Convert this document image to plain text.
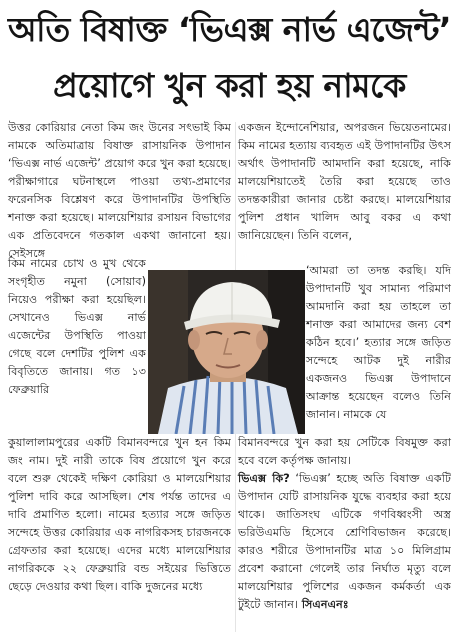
অতি বিষাক্ত ‘ভিএক্স নার্ভ এজেন্ট’
প্রয়োগে খুন করা হয় নামকে

উত্তর কোরিয়ার নেতা কিম জং উনের সৎভাই কিম নামকে অতিমাত্রায় বিষাক্ত রাসায়নিক উপাদান ‘ভিএক্স নার্ভ এজেন্ট’ প্রয়োগ করে খুন করা হয়েছে। পরীক্ষাগারে ঘটনাস্থলে পাওয়া তথ্য-প্রমাণের ফরেনসিক বিশ্লেষণ করে উপাদানটির উপস্থিতি শনাক্ত করা হয়েছে। মালয়েশিয়ার রসায়ন বিভাগের এক প্রতিবেদনে গতকাল একথা জানানো হয়। সেইসঙ্গে

কিম নামের চোখ ও মুখ থেকে সংগৃহীত নমুনা (সোয়াব) নিয়েও পরীক্ষা করা হয়েছিল। সেখানেও ভিএক্স নার্ভ এজেন্টের উপস্থিতি পাওয়া গেছে বলে দেশটির পুলিশ এক বিবৃতিতে জানায়। গত ১৩ ফেব্রুয়ারি

‘আমরা তা তদন্ত করছি। যদি উপাদানটি খুব সামান্য পরিমাণ আমদানি করা হয় তাহলে তা শনাক্ত করা আমাদের জন্য বেশ কঠিন হবে।’ হত্যার সঙ্গে জড়িত সন্দেহে আটক দুই নারীর একজনও ভিএক্স উপাদানে আক্রান্ত হয়েছেন বলেও তিনি জানান। নামকে যে

একজন ইন্দোনেশিয়ার, অপরজন ভিয়েতনামের। কিম নামের হত্যায় ব্যবহৃত এই উপাদানটির উৎস অর্থাৎ উপাদানটি আমদানি করা হয়েছে, নাকি মালয়েশিয়াতেই তৈরি করা হয়েছে তাও তদন্তকারীরা জানার চেষ্টা করছে। মালয়েশিয়ার পুলিশ প্রধান খালিদ আবু বকর এ কথা জানিয়েছেন। তিনি বলেন,

কুয়ালালামপুরের একটি বিমানবন্দরে খুন হন কিম জং নাম। দুই নারী তাকে বিষ প্রয়োগে খুন করে বলে শুরু থেকেই দক্ষিণ কোরিয়া ও মালয়েশিয়ার পুলিশ দাবি করে আসছিল। শেষ পর্যন্ত তাদের এ দাবি প্রমাণিত হলো। নামের হত্যার সঙ্গে জড়িত সন্দেহে উত্তর কোরিয়ার এক নাগরিকসহ চারজনকে গ্রেফতার করা হয়েছে। এদের মধ্যে মালয়েশিয়ার নাগরিককে ২২ ফেব্রুয়ারি বন্ড সইয়ের ভিত্তিতে ছেড়ে দেওয়ার কথা ছিল। বাকি দুজনের মধ্যে

বিমানবন্দরে খুন করা হয় সেটিকে বিষমুক্ত করা হবে বলে কর্তৃপক্ষ জানায়।

ভিএক্স কি? ‘ভিএক্স’ হচ্ছে অতি বিষাক্ত একটি উপাদান যেটি রাসায়নিক যুদ্ধে ব্যবহার করা হয়ে থাকে। জাতিসংঘ এটিকে গণবিধ্বংসী অস্ত্র ভরিউএমডি হিসেবে শ্রেণিবিভাজন করেছে। কারও শরীরে উপাদানটির মাত্র ১০ মিলিগ্রাম প্রবেশ করানো গেলেই তার নির্ঘাত মৃত্যু বলে মালয়েশিয়ার পুলিশের একজন কর্মকর্তা এক টুইটে জানান। সিএনএনঃ
